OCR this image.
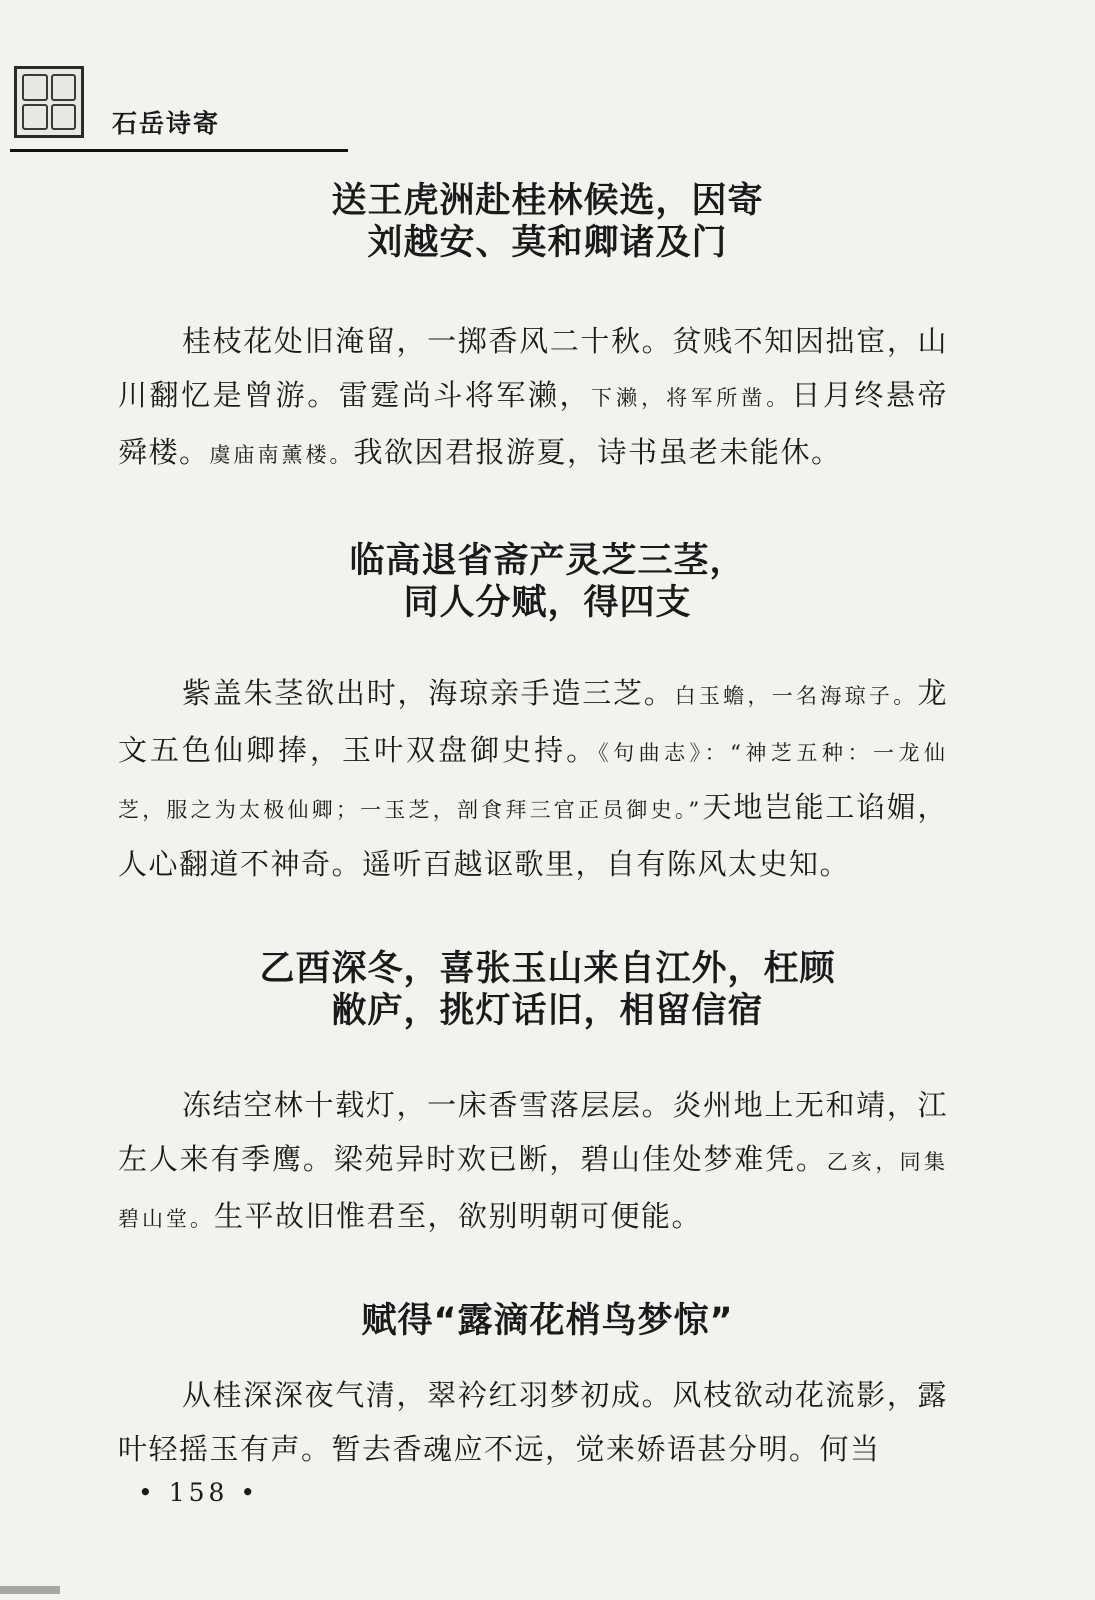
石岳诗寄
送王虎洲赴桂林候选，因寄
刘越安、莫和卿诸及门

桂枝花处旧淹留，一掷香风二十秋。贫贱不知因拙宦，山川翻忆是曾游。雷霆尚斗将军濑，下濑，将军所凿。日月终悬帝舜楼。虞庙南薰楼。我欲因君报游夏，诗书虽老未能休。

临高退省斋产灵芝三茎，
同人分赋，得四支

紫盖朱茎欲出时，海琼亲手造三芝。白玉蟾，一名海琼子。龙文五色仙卿捧，玉叶双盘御史持。《句曲志》：“神芝五种：一龙仙芝，服之为太极仙卿；一玉芝，剖食拜三官正员御史。”天地岂能工谄媚，人心翻道不神奇。遥听百越讴歌里，自有陈风太史知。

乙酉深冬，喜张玉山来自江外，枉顾
敝庐，挑灯话旧，相留信宿

冻结空林十载灯，一床香雪落层层。炎州地上无和靖，江左人来有季鹰。梁苑异时欢已断，碧山佳处梦难凭。乙亥，同集碧山堂。生平故旧惟君至，欲别明朝可便能。

赋得“露滴花梢鸟梦惊”

从桂深深夜气清，翠衿红羽梦初成。风枝欲动花流影，露叶轻摇玉有声。暂去香魂应不远，觉来娇语甚分明。何当

• 158 •
